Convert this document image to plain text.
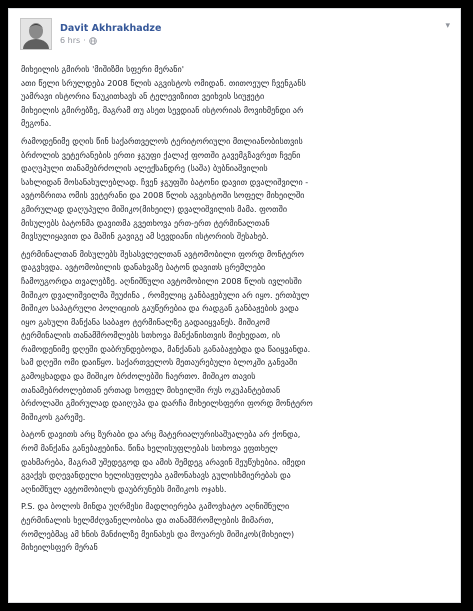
Davit Akhrakhadze
6 hrs ·
▾
მიხეილის გმირის 'მიშიზმი სფერი მერანი'
ათი წელი სრულდება 2008 წლის აგვისტოს ომიდან. თითოეულ ჩვენგანს
უამრავი ისტორია წაუკითხავს ან ტელევიზიით ვეიხვის სიუჟეტი
მიხეილის გმირებზე, მაგრამ თუ ასეთ სევდიან ისტორიას მოვიხმენდი არ
მეგონა.
რამოდენიმე დღის წინ საქართველოს ტერიტორიული მთლიანობისთვის
ბრძოლის ვეტერანების ერთი ჯგუფი ქალაქ ფოთში გავემგზავრეთ ჩვენი
დაღუპული თანამებრძოლის ალექსანდრე (საშა) ბუბნიაშვილის
სახლიდან მოსანახულებლად. ჩვენ ჯგუფში ბატონი დავით დვალიშვილი -
ავტოზრითა ომის ვეტერანი და 2008 წლის აგვისტოში სოფელ მიხეილში
გმირულად დაღუპული მიშიკო(მიხეილ) დვალიშვილის მამა. ფოთში
მისულებს ბატონმა დავითმა გვეთხოვა ერთ-ერთ ტერმინალთან
მივსულიყავით და მაშინ გავიგე ამ სევდიანი ისტორიის შესახებ.
ტერმინალთან მისულებს შესასვლელთან ავტომობილი ფორდ მონტერო
დაგვხვდა. ავტომობილის დანახვაზე ბატონ დავითს ცრემლები
ჩამოუგორდა თვალებზე. აღნიშნული ავტომობილი 2008 წლის ივლისში
მიშიკო დვალიშვილმა შეუძინა , რომელიც განბაჟებული არ იყო. ერთბულ
მიშიკო საპატრული პოლიციის გაუწერებია და რადგან განბაჟების ვადა
იყო გასული მანქანა საბაჟო ტერმინალზე გადაიყვანეს. მიშიკომ
ტერმინალის თანამშრომლებს სთხოვა მანქანისთვის მიეხედათ, ის
რამოდენიმე დღეში დაბრუნდებოდა, მანქანას განაბაჟებდა და წაიყვანდა.
სამ დღეში ომი დაიწყო. საქართველოს მეთაურებული ბლოკში განვაში
გამოცხადდა და მიშიკო ბრძოლებში ჩაერთო. მიშიკო თავის
თანამებრძოლებთან ერთად სოფელ მიხეილში რუს ოკუპანტებთან
ბრძოლაში გმირულად დაიღუპა და დარჩა მიხეილსფერი ფორდ მონტერო
მიშიკოს გარეშე.
ბატონ დავითს არც ზურაბი და არც მატერიალურისაშუალება არ ქონდა,
რომ მანქანა განებაჟებინა. წინა ხელისუფლებას სთხოვა ეფთხელ
დახმარება, მაგრამ უშედეგოდ და ამის შემდეგ არავინ შეუწუხებია. იმედი
გვაქვს დღევანდელი ხელისუფლება გამონახავს გულისხმიერებას და
აღნიშნულ ავტომობილს დაუბრუნებს მიშიკოს ოჯახს.
P.S. და ბოლოს მინდა უღრმესი მადლიერება გამოვხატო აღნიშნული
ტერმინალის ხელმძღვანელობისა და თანამშრომლების მიმართ,
რომლებმაც ამ ხნის მანძილზე მეინახეს და მოუარეს მიშიკოს(მიხეილ)
მიხეილსფერ მერან
